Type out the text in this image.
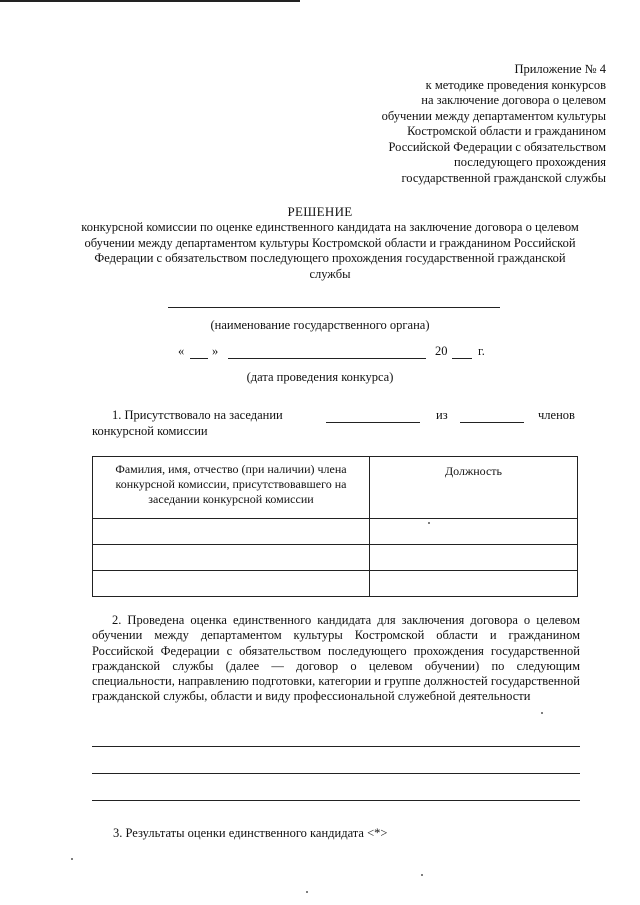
Приложение № 4
к методике проведения конкурсов
на заключение договора о целевом
обучении между департаментом культуры
Костромской области и гражданином
Российской Федерации с обязательством
последующего прохождения
государственной гражданской службы
РЕШЕНИЕ
конкурсной комиссии по оценке единственного кандидата на заключение договора о целевом обучении между департаментом культуры Костромской области и гражданином Российской Федерации с обязательством последующего прохождения государственной гражданской службы
(наименование государственного органа)
« »	20 г.
(дата проведения конкурса)
1. Присутствовало на заседании	из	членов
конкурсной комиссии
Фамилия, имя, отчество (при наличии) члена конкурсной комиссии, присутствовавшего на заседании конкурсной комиссии	Должность

2. Проведена оценка единственного кандидата для заключения договора о целевом обучении между департаментом культуры Костромской области и гражданином Российской Федерации с обязательством последующего прохождения государственной гражданской службы (далее — договор о целевом обучении) по следующим специальности, направлению подготовки, категории и группе должностей государственной гражданской службы, области и виду профессиональной служебной деятельности
3. Результаты оценки единственного кандидата <*>
